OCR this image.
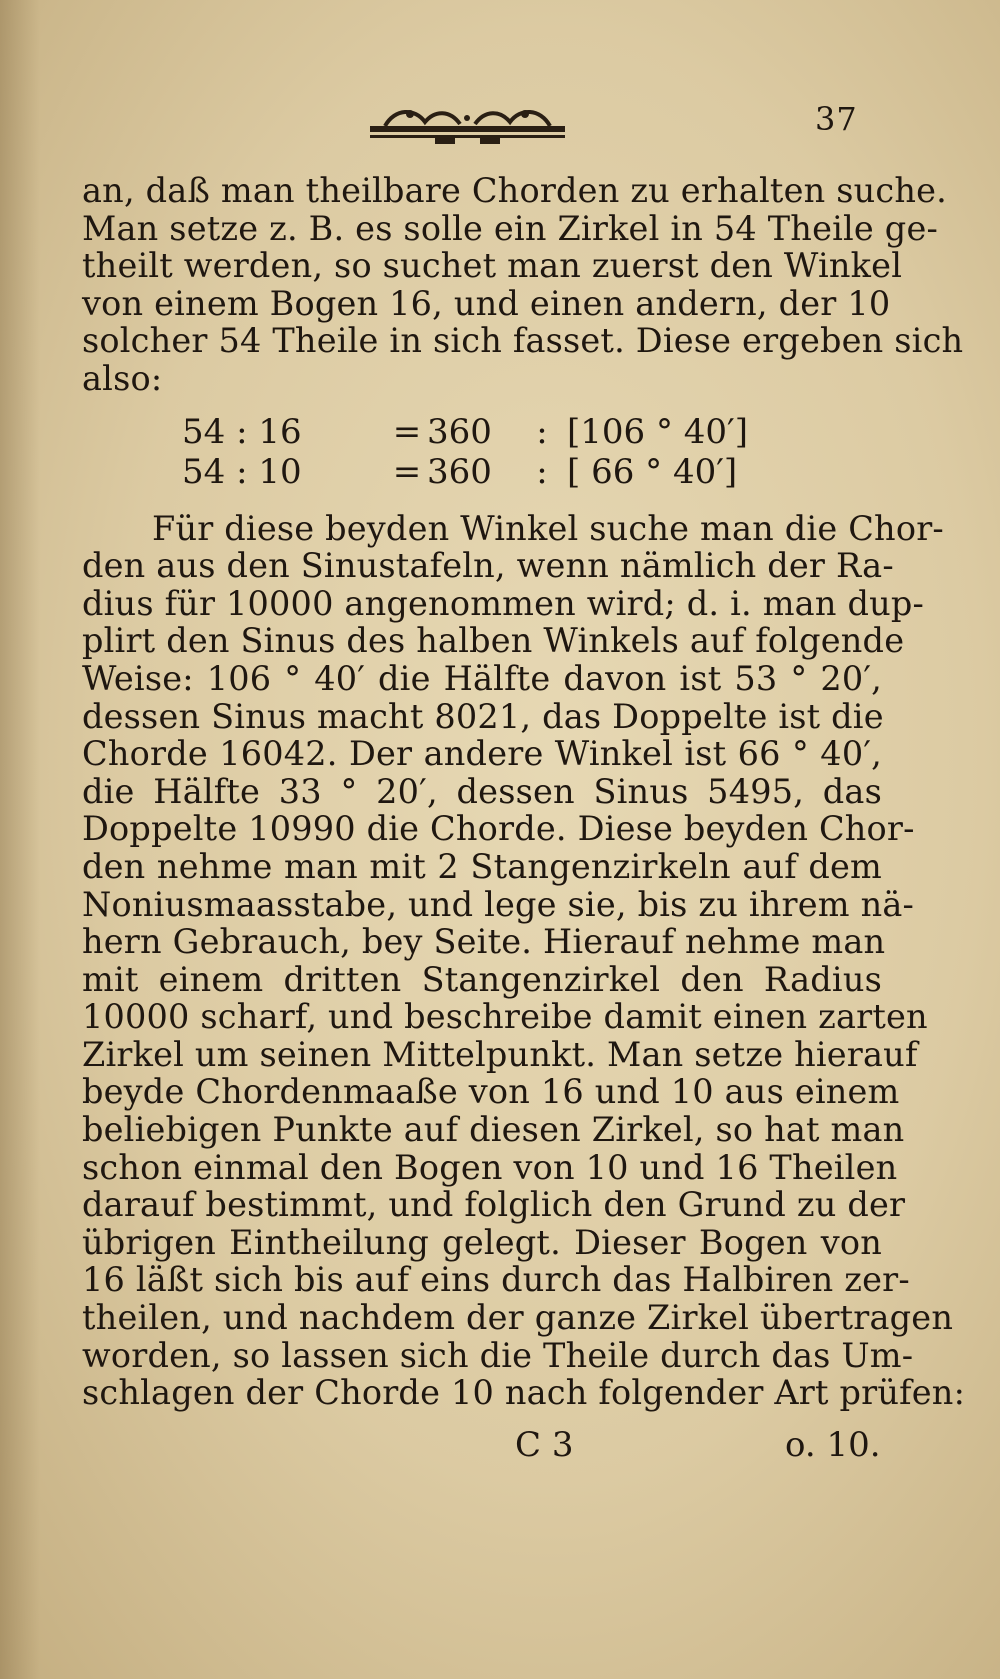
37
an, daß man theilbare Chorden zu erhalten suche.
Man setze z. B. es solle ein Zirkel in 54 Theile ge-
theilt werden, so suchet man zuerst den Winkel
von einem Bogen 16, und einen andern, der 10
solcher 54 Theile in sich fasset. Diese ergeben sich
also:
54 : 16	= 360	: [106 ° 40′]
54 : 10	= 360	: [ 66 ° 40′]
Für diese beyden Winkel suche man die Chor-
den aus den Sinustafeln, wenn nämlich der Ra-
dius für 10000 angenommen wird; d. i. man dup-
plirt den Sinus des halben Winkels auf folgende
Weise: 106 ° 40′ die Hälfte davon ist 53 ° 20′,
dessen Sinus macht 8021, das Doppelte ist die
Chorde 16042. Der andere Winkel ist 66 ° 40′,
die Hälfte 33 ° 20′, dessen Sinus 5495, das
Doppelte 10990 die Chorde. Diese beyden Chor-
den nehme man mit 2 Stangenzirkeln auf dem
Noniusmaasstabe, und lege sie, bis zu ihrem nä-
hern Gebrauch, bey Seite. Hierauf nehme man
mit einem dritten Stangenzirkel den Radius
10000 scharf, und beschreibe damit einen zarten
Zirkel um seinen Mittelpunkt. Man setze hierauf
beyde Chordenmaaße von 16 und 10 aus einem
beliebigen Punkte auf diesen Zirkel, so hat man
schon einmal den Bogen von 10 und 16 Theilen
darauf bestimmt, und folglich den Grund zu der
übrigen Eintheilung gelegt. Dieser Bogen von
16 läßt sich bis auf eins durch das Halbiren zer-
theilen, und nachdem der ganze Zirkel übertragen
worden, so lassen sich die Theile durch das Um-
schlagen der Chorde 10 nach folgender Art prüfen:
C 3	o. 10.
